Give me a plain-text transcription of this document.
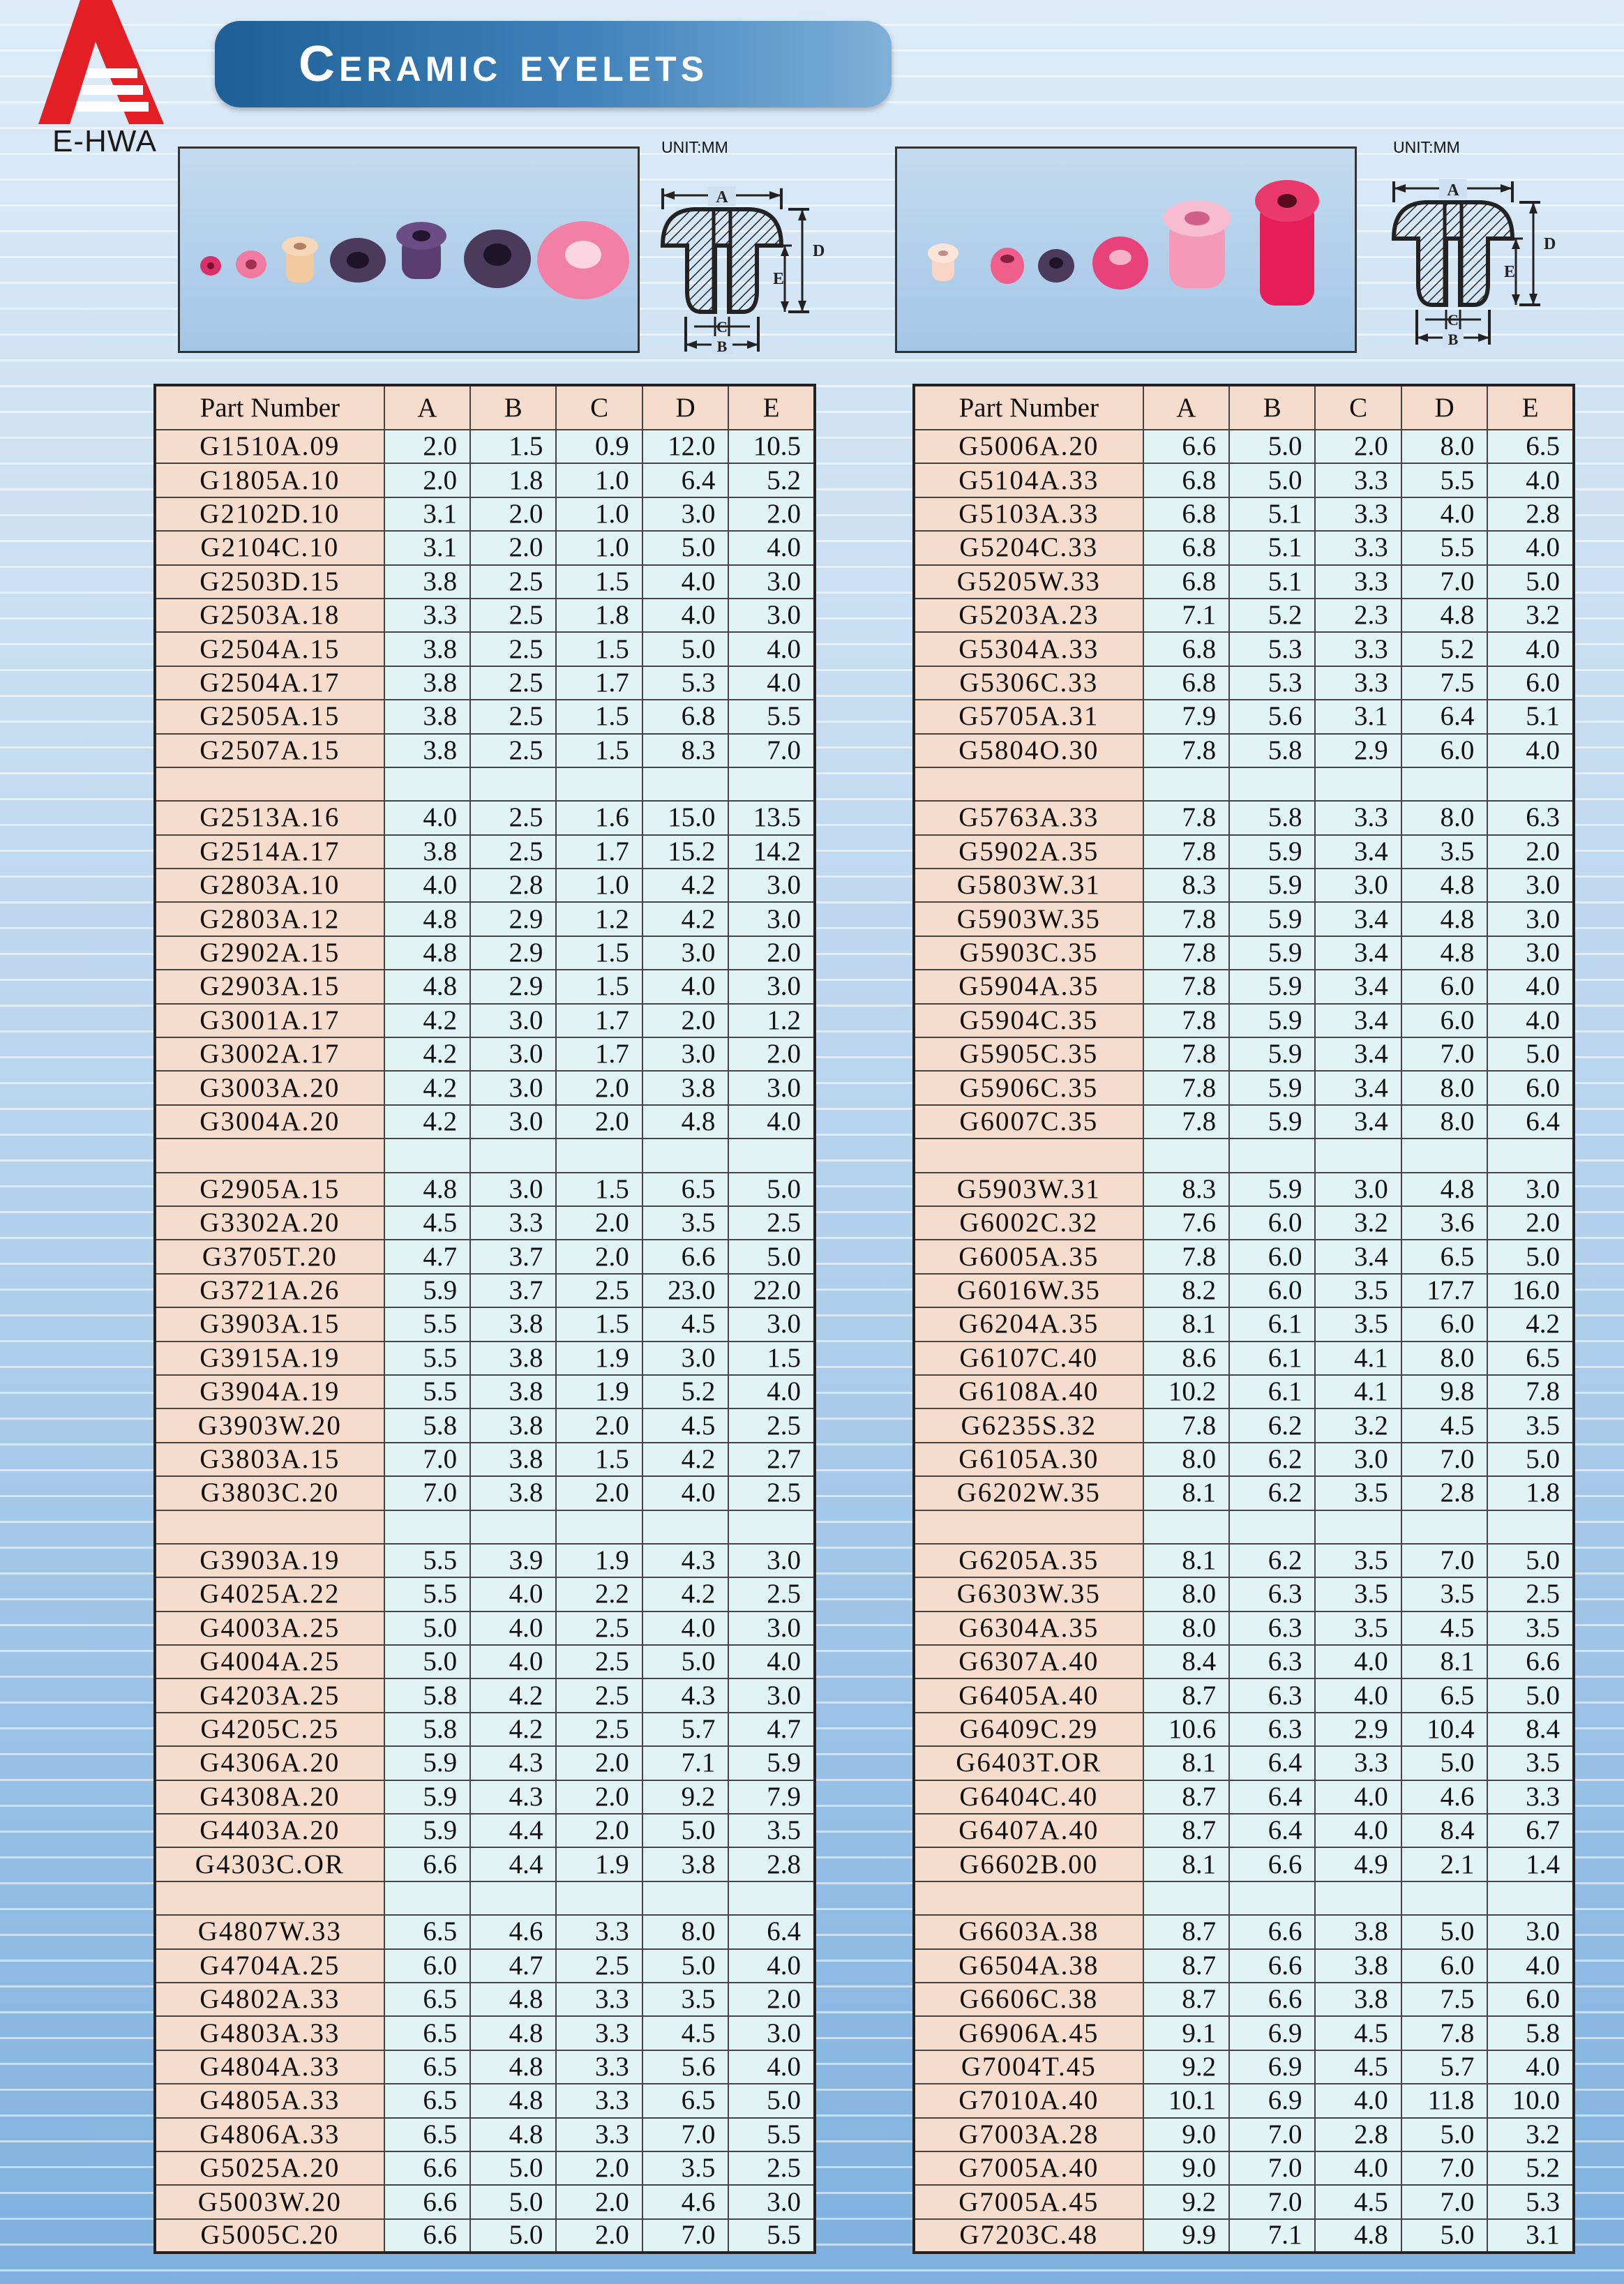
E-HWA
Ceramic eyelets
UNIT:MM
A
D
E
C
B
UNIT:MM
A
D
E
C
B
Part Number	A	B	C	D	E
G1510A.09	2.0	1.5	0.9	12.0	10.5
G1805A.10	2.0	1.8	1.0	6.4	5.2
G2102D.10	3.1	2.0	1.0	3.0	2.0
G2104C.10	3.1	2.0	1.0	5.0	4.0
G2503D.15	3.8	2.5	1.5	4.0	3.0
G2503A.18	3.3	2.5	1.8	4.0	3.0
G2504A.15	3.8	2.5	1.5	5.0	4.0
G2504A.17	3.8	2.5	1.7	5.3	4.0
G2505A.15	3.8	2.5	1.5	6.8	5.5
G2507A.15	3.8	2.5	1.5	8.3	7.0

G2513A.16	4.0	2.5	1.6	15.0	13.5
G2514A.17	3.8	2.5	1.7	15.2	14.2
G2803A.10	4.0	2.8	1.0	4.2	3.0
G2803A.12	4.8	2.9	1.2	4.2	3.0
G2902A.15	4.8	2.9	1.5	3.0	2.0
G2903A.15	4.8	2.9	1.5	4.0	3.0
G3001A.17	4.2	3.0	1.7	2.0	1.2
G3002A.17	4.2	3.0	1.7	3.0	2.0
G3003A.20	4.2	3.0	2.0	3.8	3.0
G3004A.20	4.2	3.0	2.0	4.8	4.0

G2905A.15	4.8	3.0	1.5	6.5	5.0
G3302A.20	4.5	3.3	2.0	3.5	2.5
G3705T.20	4.7	3.7	2.0	6.6	5.0
G3721A.26	5.9	3.7	2.5	23.0	22.0
G3903A.15	5.5	3.8	1.5	4.5	3.0
G3915A.19	5.5	3.8	1.9	3.0	1.5
G3904A.19	5.5	3.8	1.9	5.2	4.0
G3903W.20	5.8	3.8	2.0	4.5	2.5
G3803A.15	7.0	3.8	1.5	4.2	2.7
G3803C.20	7.0	3.8	2.0	4.0	2.5

G3903A.19	5.5	3.9	1.9	4.3	3.0
G4025A.22	5.5	4.0	2.2	4.2	2.5
G4003A.25	5.0	4.0	2.5	4.0	3.0
G4004A.25	5.0	4.0	2.5	5.0	4.0
G4203A.25	5.8	4.2	2.5	4.3	3.0
G4205C.25	5.8	4.2	2.5	5.7	4.7
G4306A.20	5.9	4.3	2.0	7.1	5.9
G4308A.20	5.9	4.3	2.0	9.2	7.9
G4403A.20	5.9	4.4	2.0	5.0	3.5
G4303C.OR	6.6	4.4	1.9	3.8	2.8

G4807W.33	6.5	4.6	3.3	8.0	6.4
G4704A.25	6.0	4.7	2.5	5.0	4.0
G4802A.33	6.5	4.8	3.3	3.5	2.0
G4803A.33	6.5	4.8	3.3	4.5	3.0
G4804A.33	6.5	4.8	3.3	5.6	4.0
G4805A.33	6.5	4.8	3.3	6.5	5.0
G4806A.33	6.5	4.8	3.3	7.0	5.5
G5025A.20	6.6	5.0	2.0	3.5	2.5
G5003W.20	6.6	5.0	2.0	4.6	3.0
G5005C.20	6.6	5.0	2.0	7.0	5.5
Part Number	A	B	C	D	E
G5006A.20	6.6	5.0	2.0	8.0	6.5
G5104A.33	6.8	5.0	3.3	5.5	4.0
G5103A.33	6.8	5.1	3.3	4.0	2.8
G5204C.33	6.8	5.1	3.3	5.5	4.0
G5205W.33	6.8	5.1	3.3	7.0	5.0
G5203A.23	7.1	5.2	2.3	4.8	3.2
G5304A.33	6.8	5.3	3.3	5.2	4.0
G5306C.33	6.8	5.3	3.3	7.5	6.0
G5705A.31	7.9	5.6	3.1	6.4	5.1
G5804O.30	7.8	5.8	2.9	6.0	4.0

G5763A.33	7.8	5.8	3.3	8.0	6.3
G5902A.35	7.8	5.9	3.4	3.5	2.0
G5803W.31	8.3	5.9	3.0	4.8	3.0
G5903W.35	7.8	5.9	3.4	4.8	3.0
G5903C.35	7.8	5.9	3.4	4.8	3.0
G5904A.35	7.8	5.9	3.4	6.0	4.0
G5904C.35	7.8	5.9	3.4	6.0	4.0
G5905C.35	7.8	5.9	3.4	7.0	5.0
G5906C.35	7.8	5.9	3.4	8.0	6.0
G6007C.35	7.8	5.9	3.4	8.0	6.4

G5903W.31	8.3	5.9	3.0	4.8	3.0
G6002C.32	7.6	6.0	3.2	3.6	2.0
G6005A.35	7.8	6.0	3.4	6.5	5.0
G6016W.35	8.2	6.0	3.5	17.7	16.0
G6204A.35	8.1	6.1	3.5	6.0	4.2
G6107C.40	8.6	6.1	4.1	8.0	6.5
G6108A.40	10.2	6.1	4.1	9.8	7.8
G6235S.32	7.8	6.2	3.2	4.5	3.5
G6105A.30	8.0	6.2	3.0	7.0	5.0
G6202W.35	8.1	6.2	3.5	2.8	1.8

G6205A.35	8.1	6.2	3.5	7.0	5.0
G6303W.35	8.0	6.3	3.5	3.5	2.5
G6304A.35	8.0	6.3	3.5	4.5	3.5
G6307A.40	8.4	6.3	4.0	8.1	6.6
G6405A.40	8.7	6.3	4.0	6.5	5.0
G6409C.29	10.6	6.3	2.9	10.4	8.4
G6403T.OR	8.1	6.4	3.3	5.0	3.5
G6404C.40	8.7	6.4	4.0	4.6	3.3
G6407A.40	8.7	6.4	4.0	8.4	6.7
G6602B.00	8.1	6.6	4.9	2.1	1.4

G6603A.38	8.7	6.6	3.8	5.0	3.0
G6504A.38	8.7	6.6	3.8	6.0	4.0
G6606C.38	8.7	6.6	3.8	7.5	6.0
G6906A.45	9.1	6.9	4.5	7.8	5.8
G7004T.45	9.2	6.9	4.5	5.7	4.0
G7010A.40	10.1	6.9	4.0	11.8	10.0
G7003A.28	9.0	7.0	2.8	5.0	3.2
G7005A.40	9.0	7.0	4.0	7.0	5.2
G7005A.45	9.2	7.0	4.5	7.0	5.3
G7203C.48	9.9	7.1	4.8	5.0	3.1
